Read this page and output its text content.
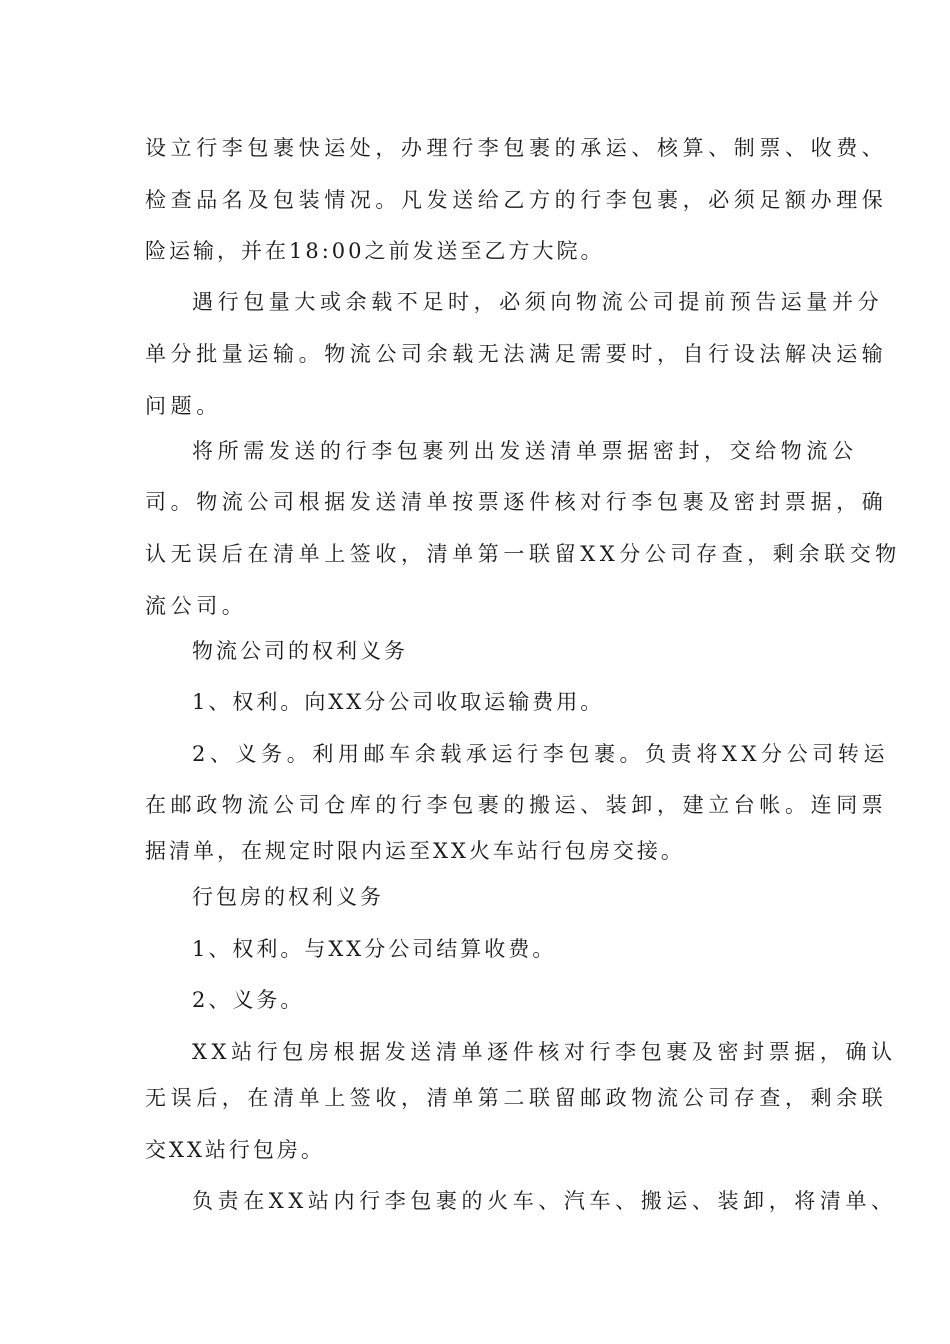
设立行李包裹快运处，办理行李包裹的承运、核算、制票、收费、
检查品名及包装情况。凡发送给乙方的行李包裹，必须足额办理保
险运输，并在18:00之前发送至乙方大院。
遇行包量大或余载不足时，必须向物流公司提前预告运量并分
单分批量运输。物流公司余载无法满足需要时，自行设法解决运输
问题。
将所需发送的行李包裹列出发送清单票据密封，交给物流公
司。物流公司根据发送清单按票逐件核对行李包裹及密封票据，确
认无误后在清单上签收，清单第一联留XX分公司存查，剩余联交物
流公司。
物流公司的权利义务
1、权利。向XX分公司收取运输费用。
2、义务。利用邮车余载承运行李包裹。负责将XX分公司转运
在邮政物流公司仓库的行李包裹的搬运、装卸，建立台帐。连同票
据清单，在规定时限内运至XX火车站行包房交接。
行包房的权利义务
1、权利。与XX分公司结算收费。
2、义务。
XX站行包房根据发送清单逐件核对行李包裹及密封票据，确认
无误后，在清单上签收，清单第二联留邮政物流公司存查，剩余联
交XX站行包房。
负责在XX站内行李包裹的火车、汽车、搬运、装卸，将清单、
